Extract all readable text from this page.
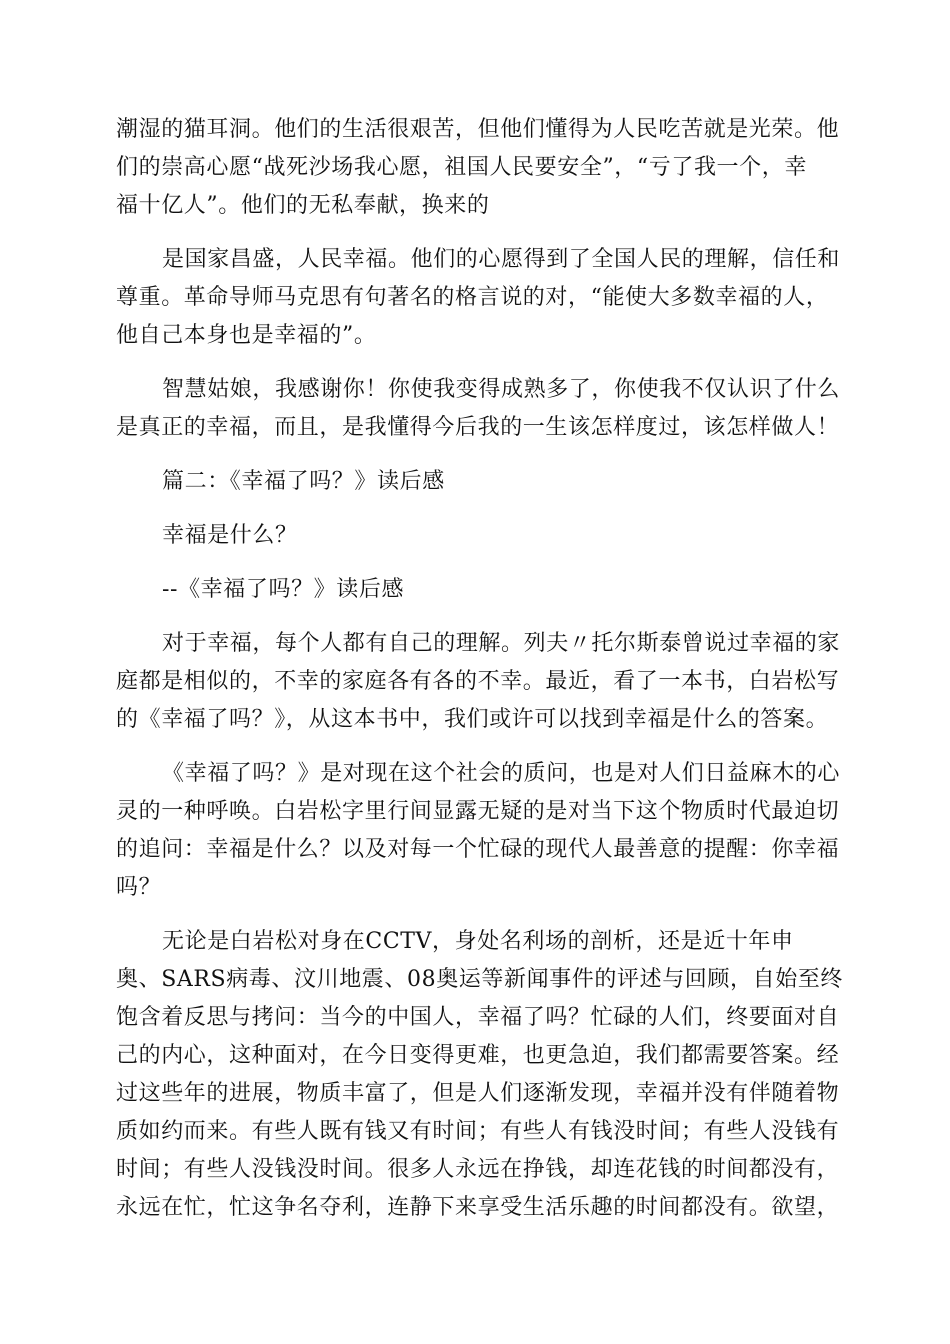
潮湿的猫耳洞。他们的生活很艰苦，但他们懂得为人民吃苦就是光荣。他
们的崇高心愿“战死沙场我心愿，祖国人民要安全”，“亏了我一个，幸
福十亿人”。他们的无私奉献，换来的
是国家昌盛，人民幸福。他们的心愿得到了全国人民的理解，信任和
尊重。革命导师马克思有句著名的格言说的对，“能使大多数幸福的人，
他自己本身也是幸福的”。
智慧姑娘，我感谢你！你使我变得成熟多了，你使我不仅认识了什么
是真正的幸福，而且，是我懂得今后我的一生该怎样度过，该怎样做人！
篇二：《幸福了吗？》读后感
幸福是什么？
--《幸福了吗？》读后感
对于幸福，每个人都有自己的理解。列夫〃托尔斯泰曾说过幸福的家
庭都是相似的，不幸的家庭各有各的不幸。最近，看了一本书，白岩松写
的《幸福了吗？》，从这本书中，我们或许可以找到幸福是什么的答案。
《幸福了吗？》是对现在这个社会的质问，也是对人们日益麻木的心
灵的一种呼唤。白岩松字里行间显露无疑的是对当下这个物质时代最迫切
的追问：幸福是什么？以及对每一个忙碌的现代人最善意的提醒：你幸福
吗？
无论是白岩松对身在CCTV，身处名利场的剖析，还是近十年申
奥、SARS病毒、汶川地震、08奥运等新闻事件的评述与回顾，自始至终
饱含着反思与拷问：当今的中国人，幸福了吗？忙碌的人们，终要面对自
己的内心，这种面对，在今日变得更难，也更急迫，我们都需要答案。经
过这些年的进展，物质丰富了，但是人们逐渐发现，幸福并没有伴随着物
质如约而来。有些人既有钱又有时间；有些人有钱没时间；有些人没钱有
时间；有些人没钱没时间。很多人永远在挣钱，却连花钱的时间都没有，
永远在忙，忙这争名夺利，连静下来享受生活乐趣的时间都没有。欲望，
